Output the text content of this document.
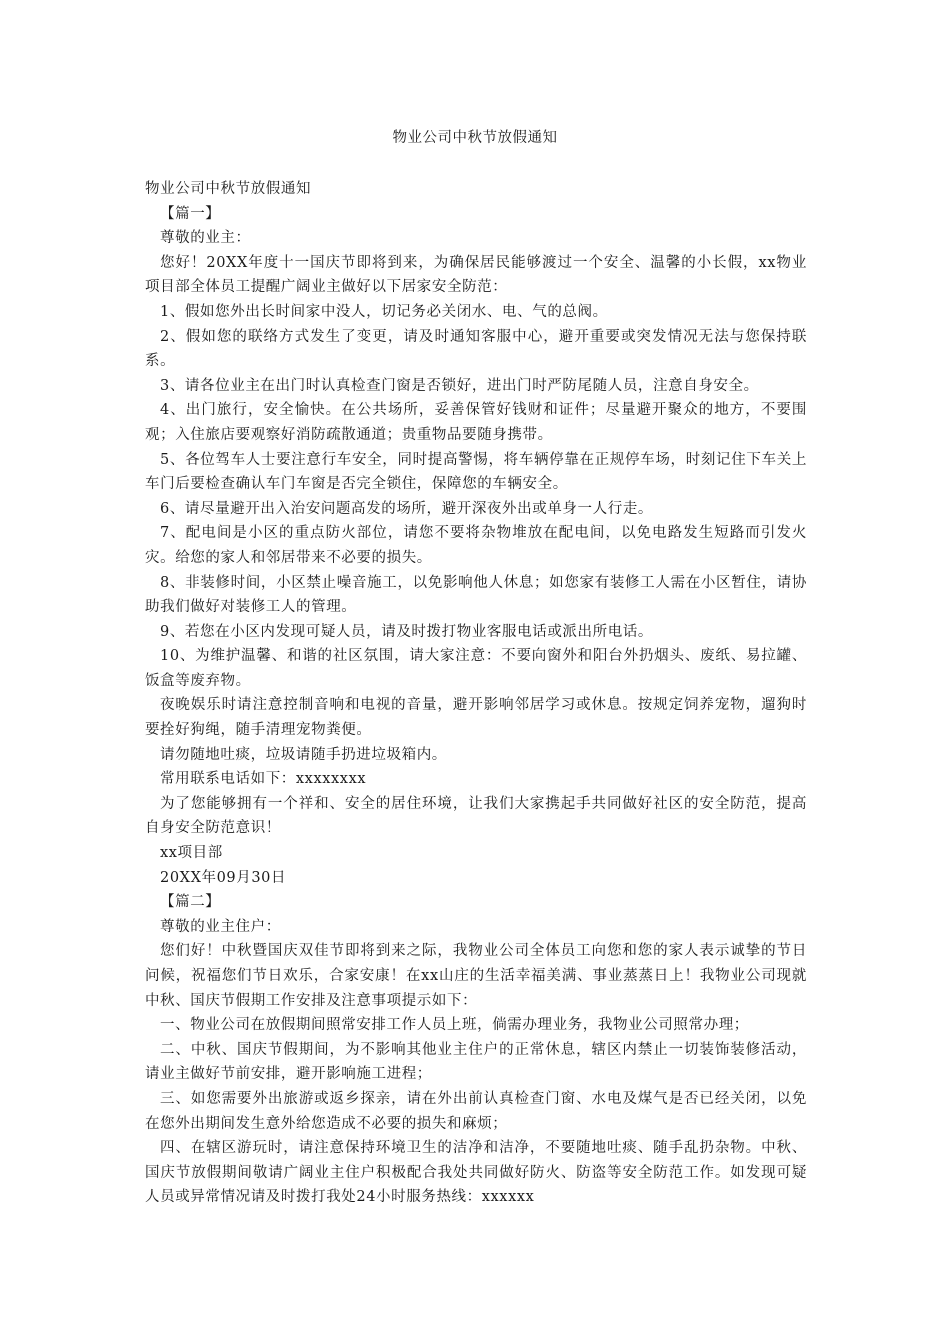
物业公司中秋节放假通知

物业公司中秋节放假通知

【篇一】

尊敬的业主：

您好！20XX年度十一国庆节即将到来，为确保居民能够渡过一个安全、温馨的小长假，xx物业项目部全体员工提醒广阔业主做好以下居家安全防范：

1、假如您外出长时间家中没人，切记务必关闭水、电、气的总阀。

2、假如您的联络方式发生了变更，请及时通知客服中心，避开重要或突发情况无法与您保持联系。

3、请各位业主在出门时认真检查门窗是否锁好，进出门时严防尾随人员，注意自身安全。

4、出门旅行，安全愉快。在公共场所，妥善保管好钱财和证件；尽量避开聚众的地方，不要围观；入住旅店要观察好消防疏散通道；贵重物品要随身携带。

5、各位驾车人士要注意行车安全，同时提高警惕，将车辆停靠在正规停车场，时刻记住下车关上车门后要检查确认车门车窗是否完全锁住，保障您的车辆安全。

6、请尽量避开出入治安问题高发的场所，避开深夜外出或单身一人行走。

7、配电间是小区的重点防火部位，请您不要将杂物堆放在配电间，以免电路发生短路而引发火灾。给您的家人和邻居带来不必要的损失。

8、非装修时间，小区禁止噪音施工，以免影响他人休息；如您家有装修工人需在小区暂住，请协助我们做好对装修工人的管理。

9、若您在小区内发现可疑人员，请及时拨打物业客服电话或派出所电话。

10、为维护温馨、和谐的社区氛围，请大家注意：不要向窗外和阳台外扔烟头、废纸、易拉罐、饭盒等废弃物。

夜晚娱乐时请注意控制音响和电视的音量，避开影响邻居学习或休息。按规定饲养宠物，遛狗时要拴好狗绳，随手清理宠物粪便。

请勿随地吐痰，垃圾请随手扔进垃圾箱内。

常用联系电话如下：xxxxxxxx

为了您能够拥有一个祥和、安全的居住环境，让我们大家携起手共同做好社区的安全防范，提高自身安全防范意识！

xx项目部

20XX年09月30日

【篇二】

尊敬的业主住户：

您们好！中秋暨国庆双佳节即将到来之际，我物业公司全体员工向您和您的家人表示诚挚的节日问候，祝福您们节日欢乐，合家安康！在xx山庄的生活幸福美满、事业蒸蒸日上！我物业公司现就中秋、国庆节假期工作安排及注意事项提示如下：

一、物业公司在放假期间照常安排工作人员上班，倘需办理业务，我物业公司照常办理；

二、中秋、国庆节假期间，为不影响其他业主住户的正常休息，辖区内禁止一切装饰装修活动，请业主做好节前安排，避开影响施工进程；

三、如您需要外出旅游或返乡探亲，请在外出前认真检查门窗、水电及煤气是否已经关闭，以免在您外出期间发生意外给您造成不必要的损失和麻烦；

四、在辖区游玩时，请注意保持环境卫生的洁净和洁净，不要随地吐痰、随手乱扔杂物。中秋、国庆节放假期间敬请广阔业主住户积极配合我处共同做好防火、防盗等安全防范工作。如发现可疑人员或异常情况请及时拨打我处24小时服务热线：xxxxxx
